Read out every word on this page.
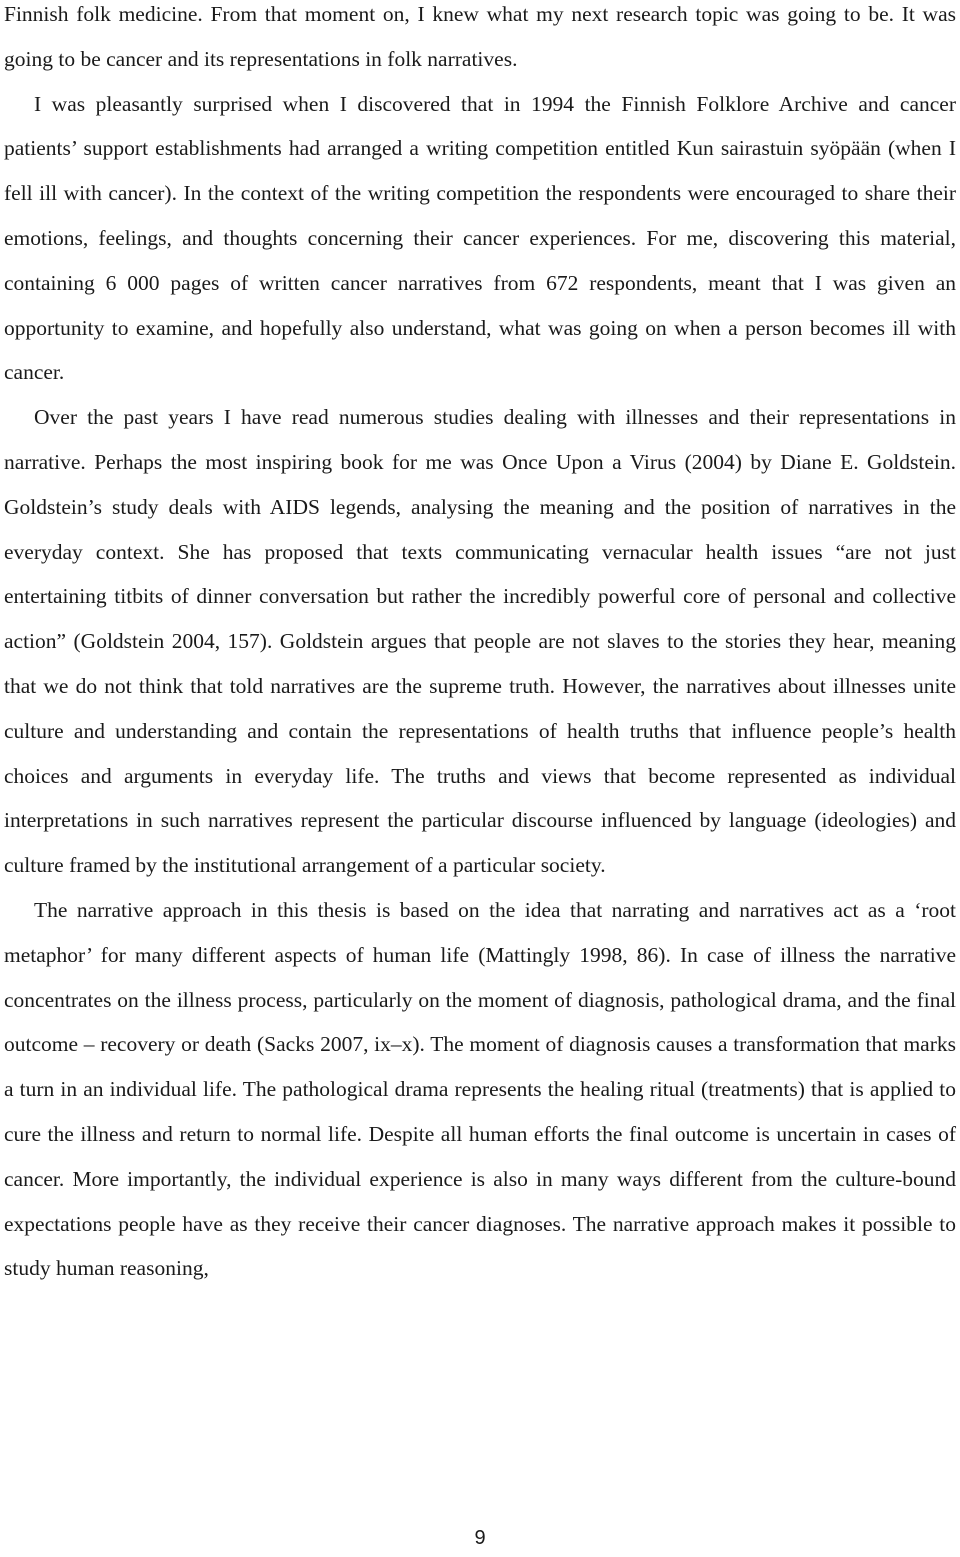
Finnish folk medicine. From that moment on, I knew what my next research topic was going to be. It was going to be cancer and its representations in folk narratives.

I was pleasantly surprised when I discovered that in 1994 the Finnish Folklore Archive and cancer patients’ support establishments had arranged a writing competition entitled Kun sairastuin syöpään (when I fell ill with cancer). In the context of the writing competition the respondents were encouraged to share their emotions, feelings, and thoughts concerning their cancer experiences. For me, discovering this material, containing 6 000 pages of written cancer narratives from 672 respondents, meant that I was given an opportunity to examine, and hopefully also understand, what was going on when a person becomes ill with cancer.

Over the past years I have read numerous studies dealing with illnesses and their representations in narrative. Perhaps the most inspiring book for me was Once Upon a Virus (2004) by Diane E. Goldstein. Goldstein’s study deals with AIDS legends, analysing the meaning and the position of narratives in the everyday context. She has proposed that texts communicating vernacular health issues “are not just entertaining titbits of dinner conversation but rather the incredibly powerful core of personal and collective action” (Goldstein 2004, 157). Goldstein argues that people are not slaves to the stories they hear, meaning that we do not think that told narratives are the supreme truth. However, the narratives about illnesses unite culture and understanding and contain the representations of health truths that influence people’s health choices and arguments in everyday life. The truths and views that become represented as individual interpretations in such narratives represent the particular discourse influenced by language (ideologies) and culture framed by the institutional arrangement of a particular society.

The narrative approach in this thesis is based on the idea that narrating and narratives act as a ‘root metaphor’ for many different aspects of human life (Mattingly 1998, 86). In case of illness the narrative concentrates on the illness process, particularly on the moment of diagnosis, pathological drama, and the final outcome – recovery or death (Sacks 2007, ix–x). The moment of diagnosis causes a transformation that marks a turn in an individual life. The pathological drama represents the healing ritual (treatments) that is applied to cure the illness and return to normal life. Despite all human efforts the final outcome is uncertain in cases of cancer. More importantly, the individual experience is also in many ways different from the culture-bound expectations people have as they receive their cancer diagnoses. The narrative approach makes it possible to study human reasoning,

9
